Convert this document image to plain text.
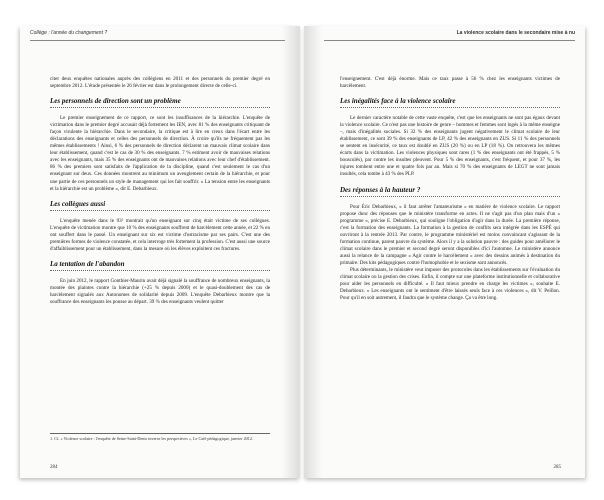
Collège : l'année du changement ?

citer deux enquêtes nationales auprès des collégiens en 2011 et des personnels du premier degré en septembre 2012. L'étude présentée le 26 février est dans le prolongement directe de celle-ci.

Les personnels de direction sont un problème

Le premier enseignement de ce rapport, ce sont les insuffisances de la hiérarchie. L'enquête de victimation dans le premier degré accusait déjà fortement les IEN, avec 81 % des enseignants critiquant de façon virulente la hiérarchie. Dans le secondaire, la critique est à lire en creux dans l'écart entre les déclarations des enseignants et celles des personnels de direction. À croire qu'ils ne fréquentent pas les mêmes établissements ! Ainsi, 6 % des personnels de direction déclarent un mauvais climat scolaire dans leur établissement, quand c'est le cas de 30 % des enseignants. 7 % estiment avoir de mauvaises relations avec les enseignants, mais 35 % des enseignants ont de mauvaises relations avec leur chef d'établissement. 86 % des premiers sont satisfaits de l'application de la discipline, quand c'est seulement le cas d'un enseignant sur deux. Ces données montrent au minimum un aveuglement certain de la hiérarchie, et pour une partie de ces personnels un style de management qui les fait souffrir. « La tension entre les enseignants et la hiérarchie est un problème », dit E. Debarbieux.

Les collègues aussi

L'enquête menée dans le 93¹ montrait qu'un enseignant sur cinq était victime de ses collègues. L'enquête de victimation montre que 10 % des enseignants souffrent de harcèlement cette année, et 22 % en ont souffert dans le passé. Un enseignant sur six est victime d'ostracisme par ses pairs. C'est une des premières formes de violence constatée, et cela interroge très fortement la profession. C'est aussi une source d'affaiblissement pour un établissement, dans la mesure où les élèves exploitent ces fractures.

La tentation de l'abandon

En juin 2012, le rapport Gonthier-Maurin avait déjà signalé la souffrance de nombreux enseignants, la montée des plaintes contre la hiérarchie (+25 % depuis 2000) et le quasi-doublement des cas de harcèlement signalés aux Autonomes de solidarité depuis 2009. L'enquête Debarbieux montre que la souffrance des enseignants les pousse au départ. 39 % des enseignants veulent quitter

1. Cf. « Violence scolaire : l'enquête de Seine-Saint-Denis inverse les perspectives », Le Café pédagogique, janvier 2012.
284
La violence scolaire dans le secondaire mise à nu

l'enseignement. C'est déjà énorme. Mais ce taux passe à 56 % chez les enseignants victimes de harcèlement.

Les inégalités face à la violence scolaire

Le dernier caractère notable de cette vaste enquête, c'est que les enseignants ne sont pas égaux devant la violence scolaire. Ce n'est pas une histoire de genre – hommes et femmes sont logés à la même enseigne –, mais d'inégalités sociales. Si 32 % des enseignants jugent négativement le climat scolaire de leur établissement, ce sont 39 % des enseignants de LP, 42 % des enseignants en ZUS. Si 11 % des personnels se sentent en insécurité, ce taux est doublé en ZUS (20 %) ou en LP (18 %). On retrouvera les mêmes écarts dans la victimation. Les violences physiques sont rares (1 % des enseignants ont été frappés, 5 % bousculés), par contre les insultes pleuvent. Pour 5 % des enseignants, c'est fréquent, et pour 37 %, les injures tombent entre une et quatre fois par an. Mais si 70 % des enseignants de LEGT ne sont jamais insultés, cela tombe à 43 % des PLP.

Des réponses à la hauteur ?

Pour Éric Debarbieux, « il faut arrêter l'amateurisme » en matière de violence scolaire. Le rapport propose donc des réponses que le ministère transforme en actes. Il ne s'agit pas d'un plan mais d'un « programme », précise E. Debarbieux, qui souligne l'obligation d'agir dans la durée. La première réponse, c'est la formation des enseignants. La formation à la gestion de conflits sera intégrée dans les ESPÉ qui ouvriront à la rentrée 2013. Par contre, le programme ministériel est moins convaincant s'agissant de la formation continue, parent pauvre du système. Alors il y a la solution pauvre : des guides pour améliorer le climat scolaire dans le premier et second degré seront disponibles d'ici l'automne. Le ministère annonce aussi la relance de la campagne « Agir contre le harcèlement » avec des dessins animés à destination du primaire. Des kits pédagogiques contre l'homophobie et le sexisme sont annoncés.

Plus déterminants, le ministère veut imposer des protocoles dans les établissements sur l'évaluation du climat scolaire ou la gestion des crises. Enfin, il compte sur une plateforme institutionnelle et collaborative pour aider les personnels en difficulté. « Il faut mieux prendre en charge les victimes », souhaite E. Debarbieux. « Les enseignants ont le sentiment d'être laissés seuls face à ces violences », dit V. Peillon. Pour qu'il en soit autrement, il faudra que le système change. Ça va être long.

285
